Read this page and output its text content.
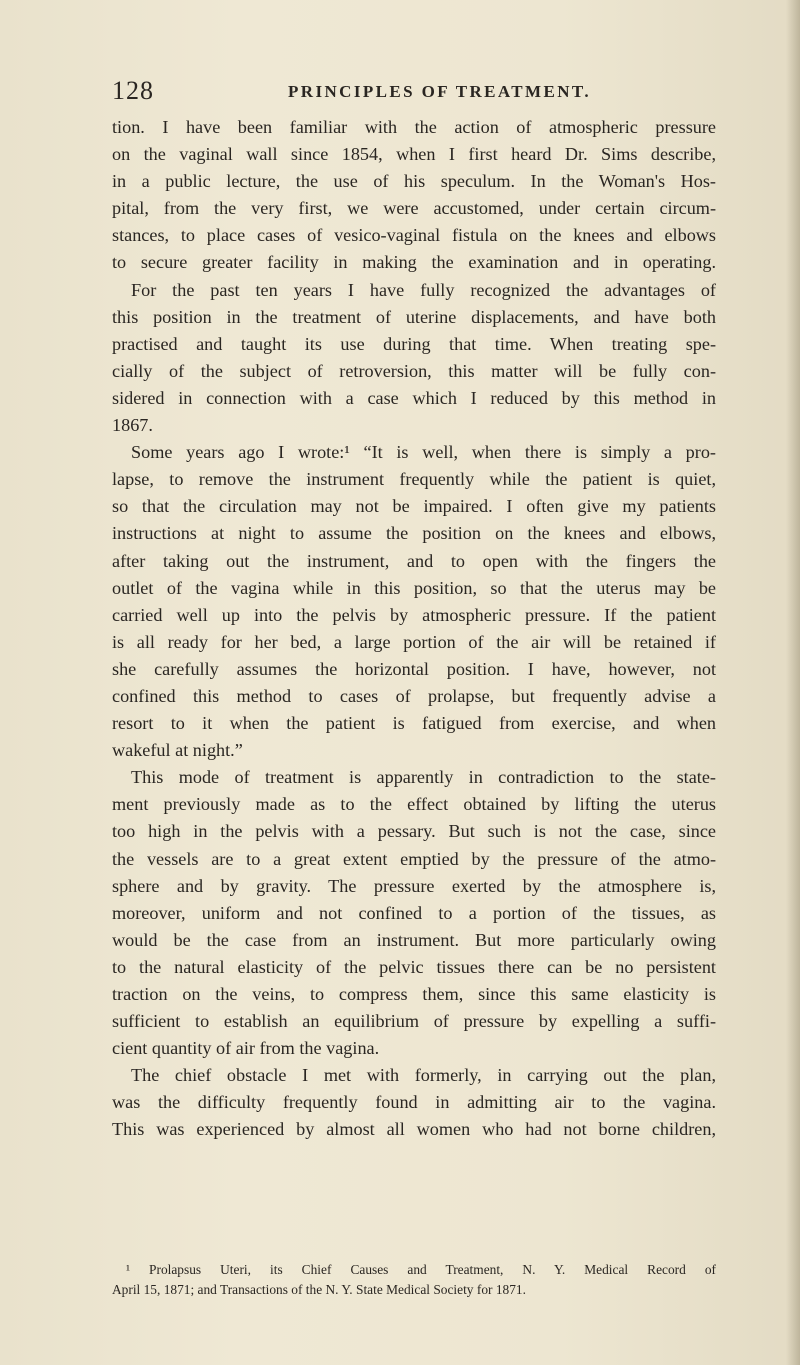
128	PRINCIPLES OF TREATMENT.
tion. I have been familiar with the action of atmospheric pressure
on the vaginal wall since 1854, when I first heard Dr. Sims describe,
in a public lecture, the use of his speculum. In the Woman's Hos-
pital, from the very first, we were accustomed, under certain circum-
stances, to place cases of vesico-vaginal fistula on the knees and elbows
to secure greater facility in making the examination and in operating.
For the past ten years I have fully recognized the advantages of
this position in the treatment of uterine displacements, and have both
practised and taught its use during that time. When treating spe-
cially of the subject of retroversion, this matter will be fully con-
sidered in connection with a case which I reduced by this method in
1867.
Some years ago I wrote:¹ “It is well, when there is simply a pro-
lapse, to remove the instrument frequently while the patient is quiet,
so that the circulation may not be impaired. I often give my patients
instructions at night to assume the position on the knees and elbows,
after taking out the instrument, and to open with the fingers the
outlet of the vagina while in this position, so that the uterus may be
carried well up into the pelvis by atmospheric pressure. If the patient
is all ready for her bed, a large portion of the air will be retained if
she carefully assumes the horizontal position. I have, however, not
confined this method to cases of prolapse, but frequently advise a
resort to it when the patient is fatigued from exercise, and when
wakeful at night.”
This mode of treatment is apparently in contradiction to the state-
ment previously made as to the effect obtained by lifting the uterus
too high in the pelvis with a pessary. But such is not the case, since
the vessels are to a great extent emptied by the pressure of the atmo-
sphere and by gravity. The pressure exerted by the atmosphere is,
moreover, uniform and not confined to a portion of the tissues, as
would be the case from an instrument. But more particularly owing
to the natural elasticity of the pelvic tissues there can be no persistent
traction on the veins, to compress them, since this same elasticity is
sufficient to establish an equilibrium of pressure by expelling a suffi-
cient quantity of air from the vagina.
The chief obstacle I met with formerly, in carrying out the plan,
was the difficulty frequently found in admitting air to the vagina.
This was experienced by almost all women who had not borne children,
¹ Prolapsus Uteri, its Chief Causes and Treatment, N. Y. Medical Record of
April 15, 1871; and Transactions of the N. Y. State Medical Society for 1871.
